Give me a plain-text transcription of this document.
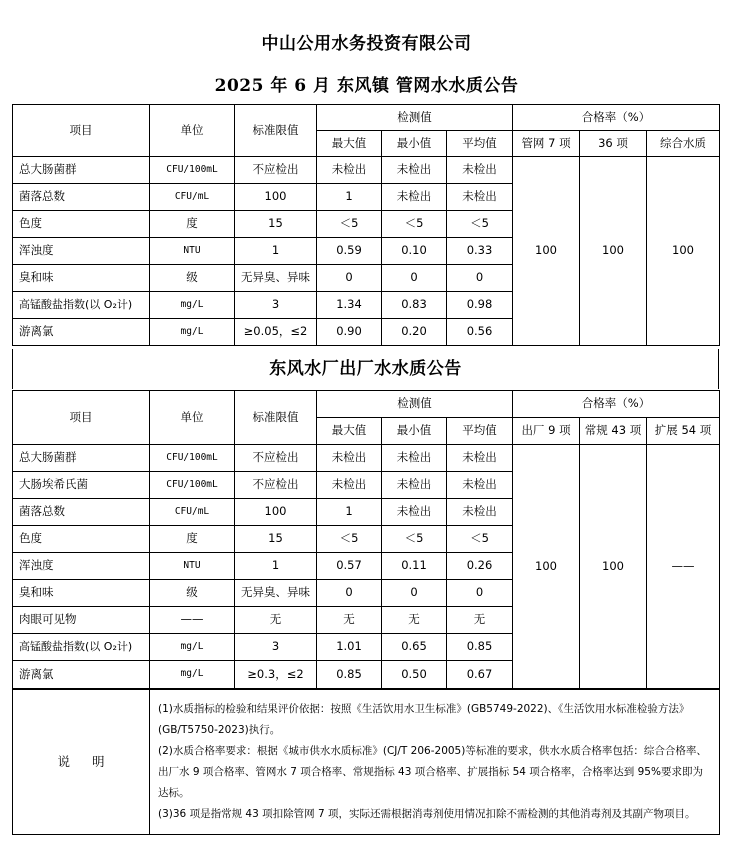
中山公用水务投资有限公司
2025 年 6 月 东风镇 管网水水质公告
项目	单位	标准限值	检测值			合格率（%）		
			最大值	最小值	平均值	管网 7 项	36 项	综合水质
总大肠菌群	CFU/100mL	不应检出	未检出	未检出	未检出	100	100	100
菌落总数	CFU/mL	100	1	未检出	未检出			
色度	度	15	＜5	＜5	＜5			
浑浊度	NTU	1	0.59	0.10	0.33			
臭和味	级	无异臭、异味	0	0	0			
高锰酸盐指数(以 O₂计)	mg/L	3	1.34	0.83	0.98			
游离氯	mg/L	≥0.05，≤2	0.90	0.20	0.56			
东风水厂出厂水水质公告
项目	单位	标准限值	检测值			合格率（%）		
			最大值	最小值	平均值	出厂 9 项	常规 43 项	扩展 54 项
总大肠菌群	CFU/100mL	不应检出	未检出	未检出	未检出	100	100	——
大肠埃希氏菌	CFU/100mL	不应检出	未检出	未检出	未检出			
菌落总数	CFU/mL	100	1	未检出	未检出			
色度	度	15	＜5	＜5	＜5			
浑浊度	NTU	1	0.57	0.11	0.26			
臭和味	级	无异臭、异味	0	0	0			
肉眼可见物	——	无	无	无	无			
高锰酸盐指数(以 O₂计)	mg/L	3	1.01	0.65	0.85			
游离氯	mg/L	≥0.3，≤2	0.85	0.50	0.67			
说明	

(1)水质指标的检验和结果评价依据：按照《生活饮用水卫生标准》(GB5749-2022)、《生活饮用水标准检验方法》(GB/T5750-2023)执行。

(2)水质合格率要求：根据《城市供水水质标准》(CJ/T 206-2005)等标准的要求，供水水质合格率包括：综合合格率、出厂水 9 项合格率、管网水 7 项合格率、常规指标 43 项合格率、扩展指标 54 项合格率，合格率达到 95%要求即为达标。

(3)36 项是指常规 43 项扣除管网 7 项，实际还需根据消毒剂使用情况扣除不需检测的其他消毒剂及其副产物项目。
